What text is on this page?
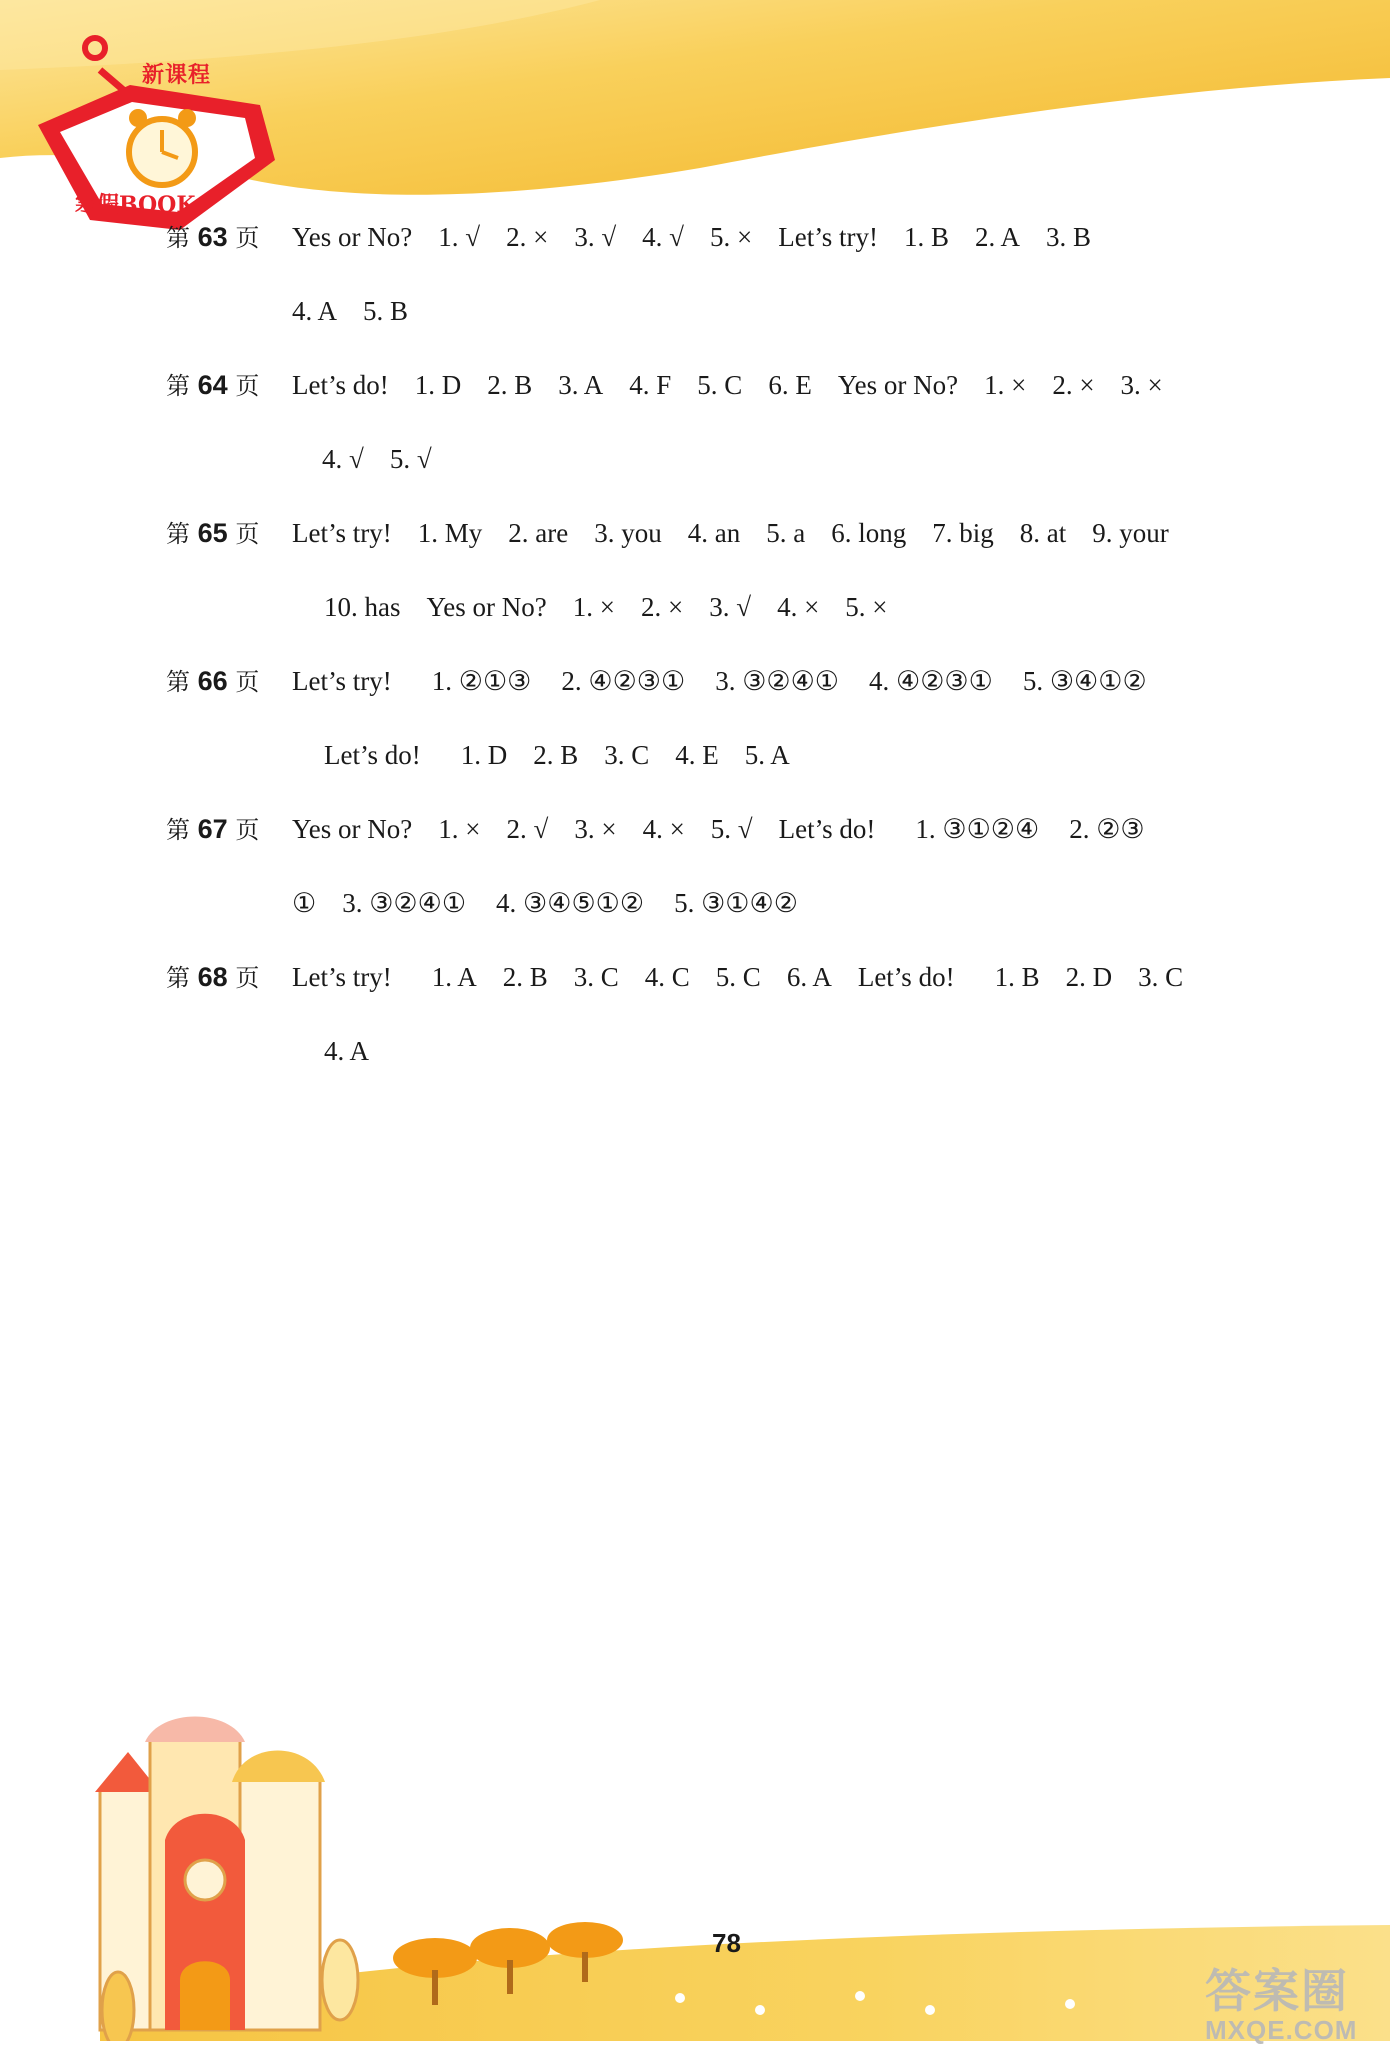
新课程
寒假BOOK
第 63 页 Yes or No? 1. √ 2. × 3. √ 4. √ 5. × Let’s try! 1. B 2. A 3. B
4. A 5. B
第 64 页 Let’s do! 1. D 2. B 3. A 4. F 5. C 6. E Yes or No? 1. × 2. × 3. ×
4. √ 5. √
第 65 页 Let’s try! 1. My 2. are 3. you 4. an 5. a 6. long 7. big 8. at 9. your
10. has Yes or No? 1. × 2. × 3. √ 4. × 5. ×
第 66 页 Let’s try! 1. ②①③ 2. ④②③① 3. ③②④① 4. ④②③① 5. ③④①②
Let’s do! 1. D 2. B 3. C 4. E 5. A
第 67 页 Yes or No? 1. × 2. √ 3. × 4. × 5. √ Let’s do! 1. ③①②④ 2. ②③
① 3. ③②④① 4. ③④⑤①② 5. ③①④②
第 68 页 Let’s try! 1. A 2. B 3. C 4. C 5. C 6. A Let’s do! 1. B 2. D 3. C
4. A
78
答案圈
MXQE.COM
